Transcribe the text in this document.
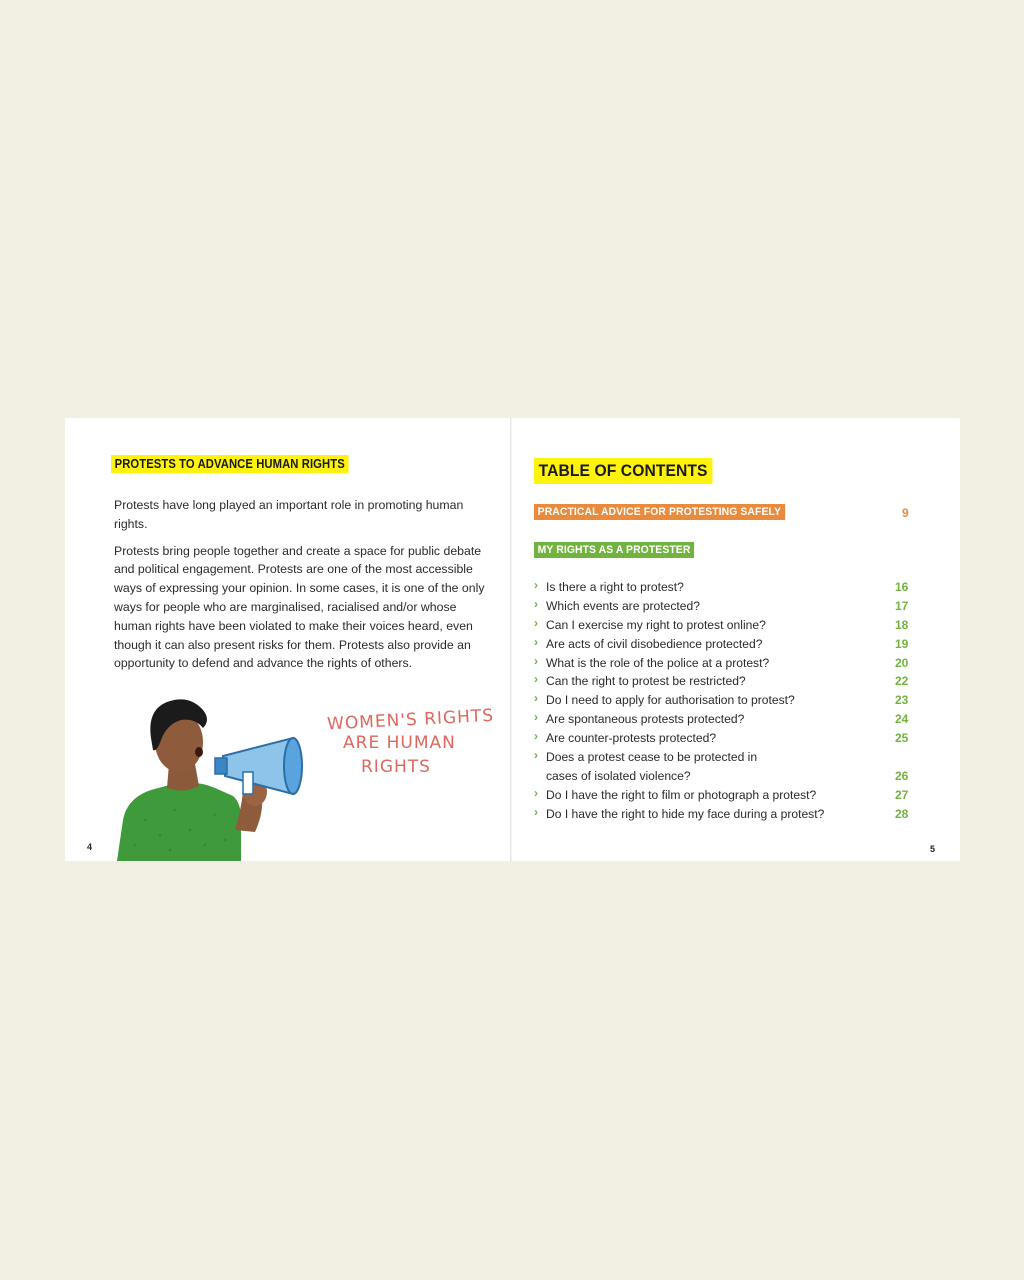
PROTESTS TO ADVANCE HUMAN RIGHTS

Protests have long played an important role in promoting human rights.

Protests bring people together and create a space for public debate and political engagement. Protests are one of the most accessible ways of expressing your opinion. In some cases, it is one of the only ways for people who are marginalised, racialised and/or whose human rights have been violated to make their voices heard, even though it can also present risks for them. Protests also provide an opportunity to defend and advance the rights of others.

WOMEN'S RIGHTS
ARE HUMAN
RIGHTS
4
TABLE OF CONTENTS
PRACTICAL ADVICE FOR PROTESTING SAFELY	9
MY RIGHTS AS A PROTESTER
› Is there a right to protest?	16
› Which events are protected?	17
› Can I exercise my right to protest online?	18
› Are acts of civil disobedience protected?	19
› What is the role of the police at a protest?	20
› Can the right to protest be restricted?	22
› Do I need to apply for authorisation to protest?	23
› Are spontaneous protests protected?	24
› Are counter-protests protected?	25
› Does a protest cease to be protected in cases of isolated violence?	26
› Do I have the right to film or photograph a protest?	27
› Do I have the right to hide my face during a protest?	28
5
